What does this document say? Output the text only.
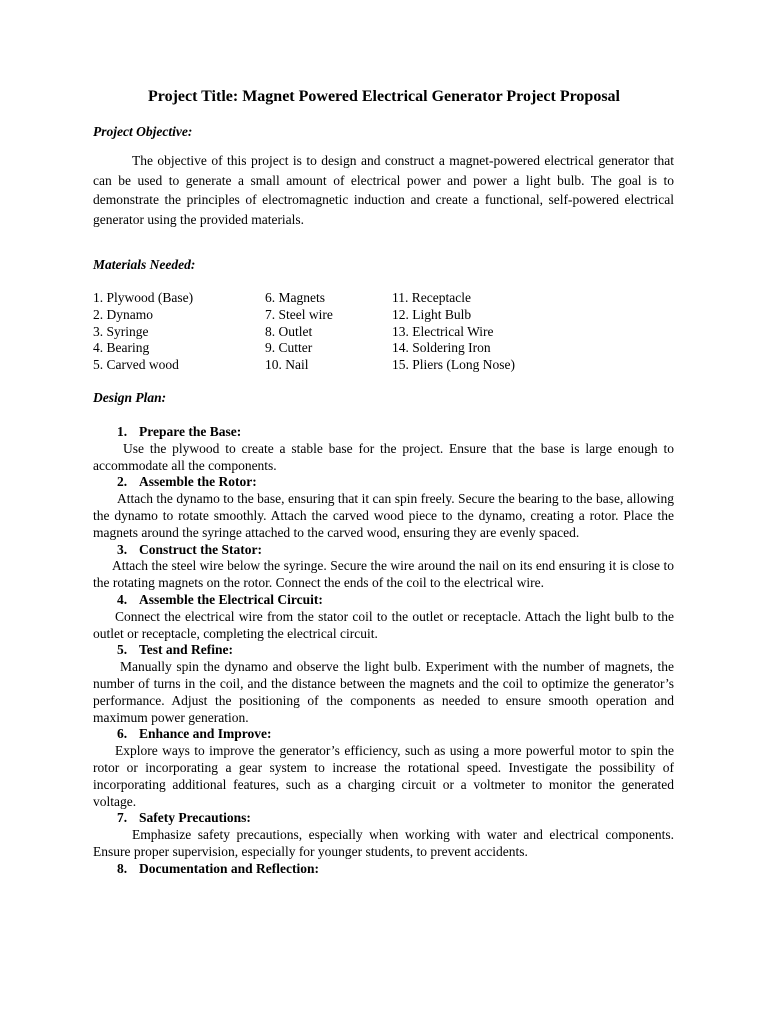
Project Title: Magnet Powered Electrical Generator Project Proposal

Project Objective:

The objective of this project is to design and construct a magnet-powered electrical generator that can be used to generate a small amount of electrical power and power a light bulb. The goal is to demonstrate the principles of electromagnetic induction and create a functional, self-powered electrical generator using the provided materials.

Materials Needed:

1. Plywood (Base)
2. Dynamo
3. Syringe
4. Bearing
5. Carved wood
6. Magnets
7. Steel wire
8. Outlet
9. Cutter
10. Nail
11. Receptacle
12. Light Bulb
13. Electrical Wire
14. Soldering Iron
15. Pliers (Long Nose)

Design Plan:

1. Prepare the Base:

Use the plywood to create a stable base for the project. Ensure that the base is large enough to accommodate all the components.

2. Assemble the Rotor:

Attach the dynamo to the base, ensuring that it can spin freely. Secure the bearing to the base, allowing the dynamo to rotate smoothly. Attach the carved wood piece to the dynamo, creating a rotor. Place the magnets around the syringe attached to the carved wood, ensuring they are evenly spaced.

3. Construct the Stator:

Attach the steel wire below the syringe. Secure the wire around the nail on its end ensuring it is close to the rotating magnets on the rotor. Connect the ends of the coil to the electrical wire.

4. Assemble the Electrical Circuit:

Connect the electrical wire from the stator coil to the outlet or receptacle. Attach the light bulb to the outlet or receptacle, completing the electrical circuit.

5. Test and Refine:

Manually spin the dynamo and observe the light bulb. Experiment with the number of magnets, the number of turns in the coil, and the distance between the magnets and the coil to optimize the generator’s performance. Adjust the positioning of the components as needed to ensure smooth operation and maximum power generation.

6. Enhance and Improve:

Explore ways to improve the generator’s efficiency, such as using a more powerful motor to spin the rotor or incorporating a gear system to increase the rotational speed. Investigate the possibility of incorporating additional features, such as a charging circuit or a voltmeter to monitor the generated voltage.

7. Safety Precautions:

Emphasize safety precautions, especially when working with water and electrical components. Ensure proper supervision, especially for younger students, to prevent accidents.

8. Documentation and Reflection:
